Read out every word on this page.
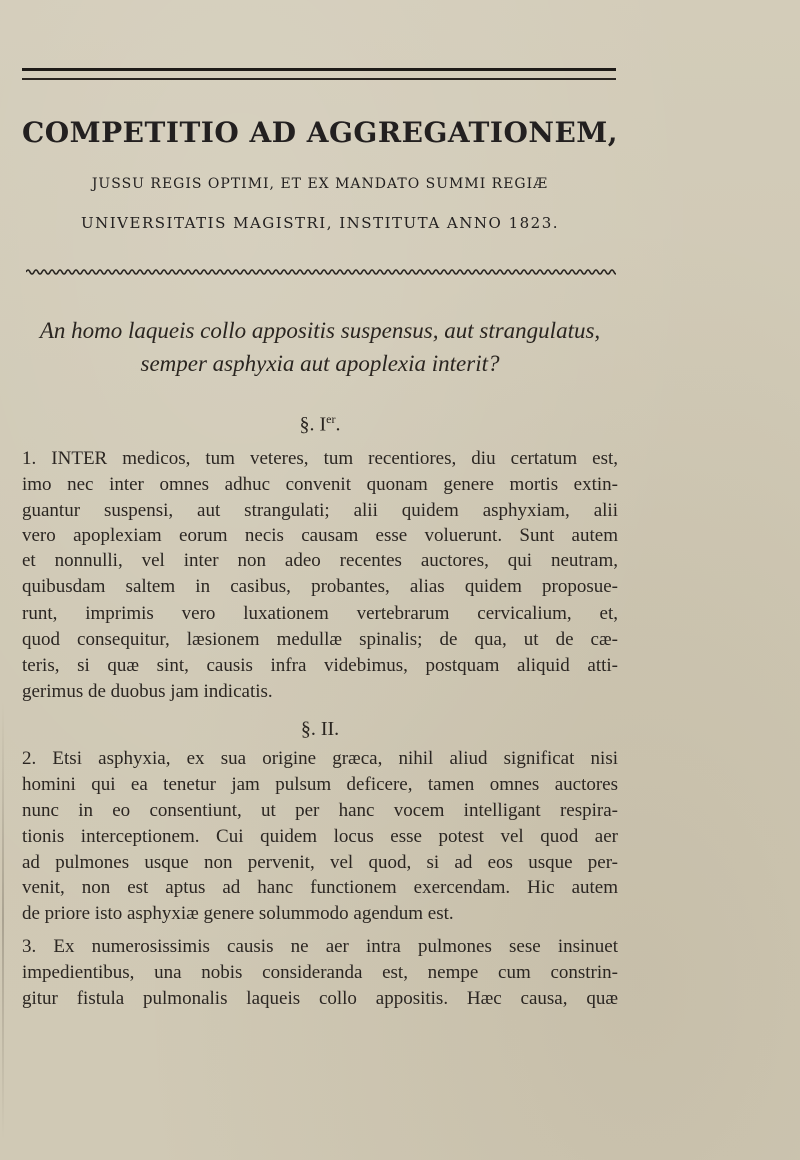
COMPETITIO AD AGGREGATIONEM,
JUSSU REGIS OPTIMI, ET EX MANDATO SUMMI REGIÆ
UNIVERSITATIS MAGISTRI, INSTITUTA ANNO 1823.
An homo laqueis collo appositis suspensus, aut strangulatus,
semper asphyxia aut apoplexia interit?
§. Ier.
1. INTER medicos, tum veteres, tum recentiores, diu certatum est,
imo nec inter omnes adhuc convenit quonam genere mortis extin-
guantur suspensi, aut strangulati; alii quidem asphyxiam, alii
vero apoplexiam eorum necis causam esse voluerunt. Sunt autem
et nonnulli, vel inter non adeo recentes auctores, qui neutram,
quibusdam saltem in casibus, probantes, alias quidem proposue-
runt, imprimis vero luxationem vertebrarum cervicalium, et,
quod consequitur, læsionem medullæ spinalis; de qua, ut de cæ-
teris, si quæ sint, causis infra videbimus, postquam aliquid atti-
gerimus de duobus jam indicatis.
§. II.
2. Etsi asphyxia, ex sua origine græca, nihil aliud significat nisi
homini qui ea tenetur jam pulsum deficere, tamen omnes auctores
nunc in eo consentiunt, ut per hanc vocem intelligant respira-
tionis interceptionem. Cui quidem locus esse potest vel quod aer
ad pulmones usque non pervenit, vel quod, si ad eos usque per-
venit, non est aptus ad hanc functionem exercendam. Hic autem
de priore isto asphyxiæ genere solummodo agendum est.
3. Ex numerosissimis causis ne aer intra pulmones sese insinuet
impedientibus, una nobis consideranda est, nempe cum constrin-
gitur fistula pulmonalis laqueis collo appositis. Hæc causa, quæ
